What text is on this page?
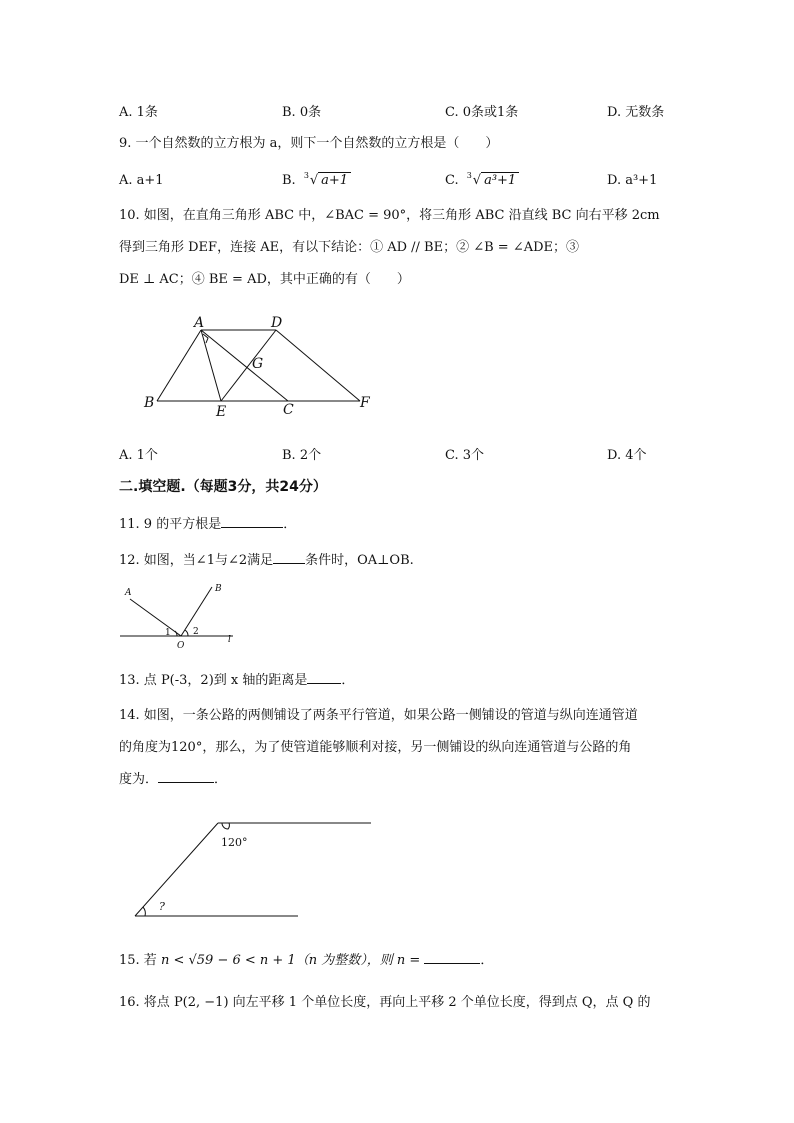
A. 1条	B. 0条	C. 0条或1条	D. 无数条
9. 一个自然数的立方根为 a，则下一个自然数的立方根是（　　）
A. a+1	B. 3 √ a+1	C. 3 √ a³+1	D. a³+1
10. 如图，在直角三角形 ABC 中，∠BAC = 90°，将三角形 ABC 沿直线 BC 向右平移 2cm
得到三角形 DEF，连接 AE，有以下结论：① AD // BE；② ∠B = ∠ADE；③
DE ⊥ AC；④ BE = AD，其中正确的有（　　）
A	D
G
B
E	C	F
A. 1个	B. 2个	C. 3个	D. 4个
二.填空题.（每题3分，共24分）
11. 9 的平方根是	．
12. 如图，当∠1与∠2满足 条件时，OA⊥OB.
A	B
O
l
1 2
13. 点 P(-3，2)到 x 轴的距离是	．
14. 如图，一条公路的两侧铺设了两条平行管道，如果公路一侧铺设的管道与纵向连通管道
的角度为120°，那么，为了使管道能够顺利对接，另一侧铺设的纵向连通管道与公路的角
度为．	．
120°
?
15. 若 n < √59 − 6 < n + 1（n 为整数），则 n =	．
16. 将点 P(2, −1) 向左平移 1 个单位长度，再向上平移 2 个单位长度，得到点 Q，点 Q 的
